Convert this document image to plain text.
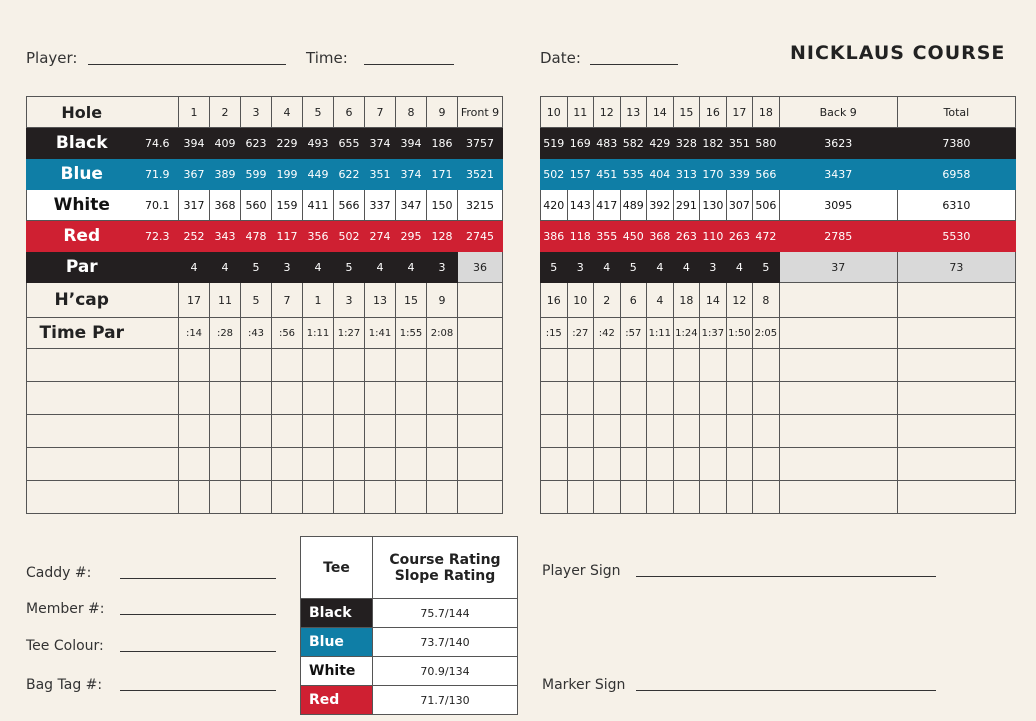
Player:	Time:	Date:	NICKLAUS COURSE
Hole		1	2	3	4	5	6	7	8	9	Front 9
Black	74.6	394	409	623	229	493	655	374	394	186	3757
Blue	71.9	367	389	599	199	449	622	351	374	171	3521
White	70.1	317	368	560	159	411	566	337	347	150	3215
Red	72.3	252	343	478	117	356	502	274	295	128	2745
Par		4	4	5	3	4	5	4	4	3	36
H’cap		17	11	5	7	1	3	13	15	9	
Time Par		:14	:28	:43	:56	1:11	1:27	1:41	1:55	2:08	

10	11	12	13	14	15	16	17	18	Back 9	Total
519	169	483	582	429	328	182	351	580	3623	7380
502	157	451	535	404	313	170	339	566	3437	6958
420	143	417	489	392	291	130	307	506	3095	6310
386	118	355	450	368	263	110	263	472	2785	5530
5	3	4	5	4	4	3	4	5	37	73
16	10	2	6	4	18	14	12	8		
:15	:27	:42	:57	1:11	1:24	1:37	1:50	2:05		

Caddy #:
Member #:
Tee Colour:
Bag Tag #:
Player Sign
Marker Sign
Tee	Course Rating
Slope Rating

Black	75.7/144
Blue	73.7/140
White	70.9/134
Red	71.7/130
